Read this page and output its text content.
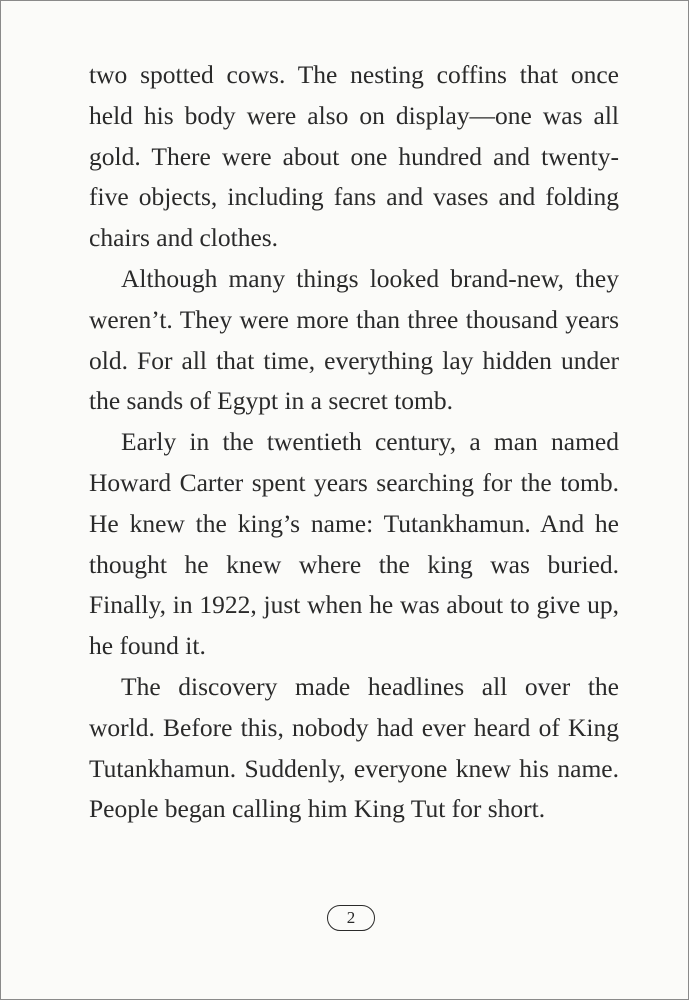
two spotted cows. The nesting coffins that once held his body were also on display—one was all gold. There were about one hundred and twenty-five objects, including fans and vases and folding chairs and clothes.

Although many things looked brand-new, they weren’t. They were more than three thousand years old. For all that time, everything lay hidden under the sands of Egypt in a secret tomb.

Early in the twentieth century, a man named Howard Carter spent years searching for the tomb. He knew the king’s name: Tutankhamun. And he thought he knew where the king was buried. Finally, in 1922, just when he was about to give up, he found it.

The discovery made headlines all over the world. Before this, nobody had ever heard of King Tutankhamun. Suddenly, everyone knew his name. People began calling him King Tut for short.

2
